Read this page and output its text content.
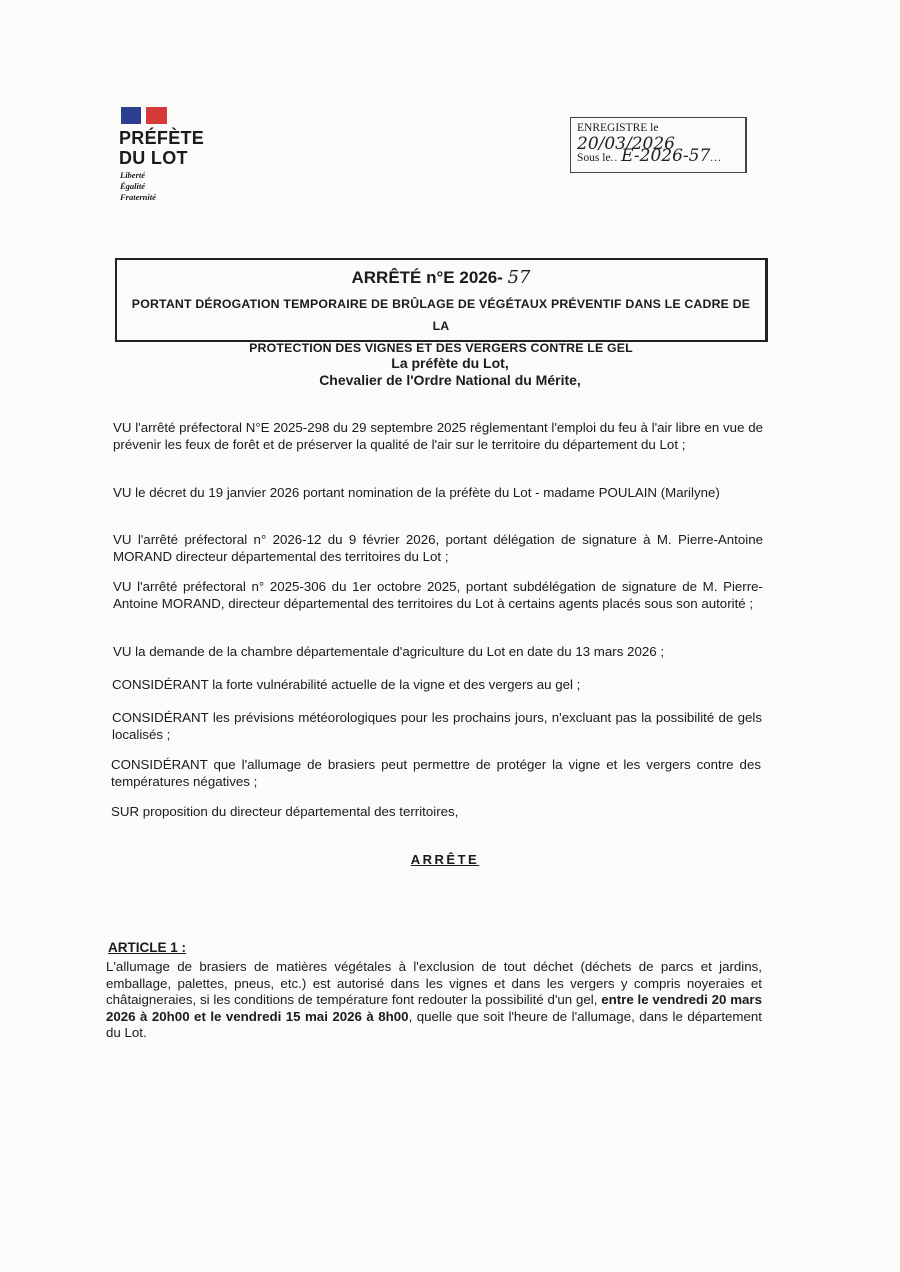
PRÉFÈTE
DU LOT
Liberté
Égalité
Fraternité
ENREGISTRE le 20/03/2026
Sous le.. E-2026-57...
ARRÊTÉ n°E 2026- 57
PORTANT DÉROGATION TEMPORAIRE DE BRÛLAGE DE VÉGÉTAUX PRÉVENTIF DANS LE CADRE DE LA
PROTECTION DES VIGNES ET DES VERGERS CONTRE LE GEL
La préfète du Lot,
Chevalier de l'Ordre National du Mérite,
VU l'arrêté préfectoral N°E 2025-298 du 29 septembre 2025 réglementant l'emploi du feu à l'air libre en vue de prévenir les feux de forêt et de préserver la qualité de l'air sur le territoire du département du Lot ;
VU le décret du 19 janvier 2026 portant nomination de la préfète du Lot - madame POULAIN (Marilyne)
VU l'arrêté préfectoral n° 2026-12 du 9 février 2026, portant délégation de signature à M. Pierre-Antoine MORAND directeur départemental des territoires du Lot ;
VU l'arrêté préfectoral n° 2025-306 du 1er octobre 2025, portant subdélégation de signature de M. Pierre-Antoine MORAND, directeur départemental des territoires du Lot à certains agents placés sous son autorité ;
VU la demande de la chambre départementale d'agriculture du Lot en date du 13 mars 2026 ;
CONSIDÉRANT la forte vulnérabilité actuelle de la vigne et des vergers au gel ;
CONSIDÉRANT les prévisions météorologiques pour les prochains jours, n'excluant pas la possibilité de gels localisés ;
CONSIDÉRANT que l'allumage de brasiers peut permettre de protéger la vigne et les vergers contre des températures négatives ;
SUR proposition du directeur départemental des territoires,
ARRÊTE
ARTICLE 1 :
L'allumage de brasiers de matières végétales à l'exclusion de tout déchet (déchets de parcs et jardins, emballage, palettes, pneus, etc.) est autorisé dans les vignes et dans les vergers y compris noyeraies et châtaigneraies, si les conditions de température font redouter la possibilité d'un gel, entre le vendredi 20 mars 2026 à 20h00 et le vendredi 15 mai 2026 à 8h00, quelle que soit l'heure de l'allumage, dans le département du Lot.
